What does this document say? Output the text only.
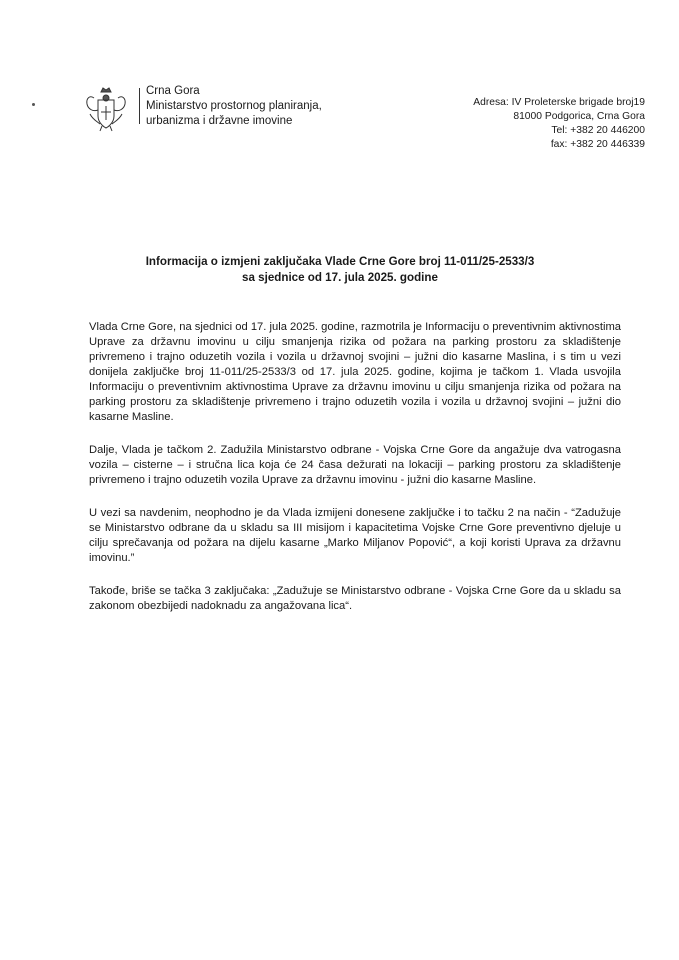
Crna Gora
Ministarstvo prostornog planiranja,
urbanizma i državne imovine
Adresa: IV Proleterske brigade broj19
81000 Podgorica, Crna Gora
Tel: +382 20 446200
fax: +382 20 446339
Informacija o izmjeni zaključaka Vlade Crne Gore broj 11-011/25-2533/3
sa sjednice od 17. jula 2025. godine

Vlada Crne Gore, na sjednici od 17. jula 2025. godine, razmotrila je Informaciju o preventivnim aktivnostima Uprave za državnu imovinu u cilju smanjenja rizika od požara na parking prostoru za skladištenje privremeno i trajno oduzetih vozila i vozila u državnoj svojini – južni dio kasarne Maslina, i s tim u vezi donijela zaključke broj 11-011/25-2533/3 od 17. jula 2025. godine, kojima je tačkom 1. Vlada usvojila Informaciju o preventivnim aktivnostima Uprave za državnu imovinu u cilju smanjenja rizika od požara na parking prostoru za skladištenje privremeno i trajno oduzetih vozila i vozila u državnoj svojini – južni dio kasarne Masline.

Dalje, Vlada je tačkom 2. Zadužila Ministarstvo odbrane - Vojska Crne Gore da angažuje dva vatrogasna vozila – cisterne – i stručna lica koja će 24 časa dežurati na lokaciji – parking prostoru za skladištenje privremeno i trajno oduzetih vozila Uprave za državnu imovinu - južni dio kasarne Masline.

U vezi sa navdenim, neophodno je da Vlada izmijeni donesene zaključke i to tačku 2 na način - “Zadužuje se Ministarstvo odbrane da u skladu sa III misijom i kapacitetima Vojske Crne Gore preventivno djeluje u cilju sprečavanja od požara na dijelu kasarne „Marko Miljanov Popović“, a koji koristi Uprava za državnu imovinu.”

Takođe, briše se tačka 3 zaključaka: „Zadužuje se Ministarstvo odbrane - Vojska Crne Gore da u skladu sa zakonom obezbijedi nadoknadu za angažovana lica“.
